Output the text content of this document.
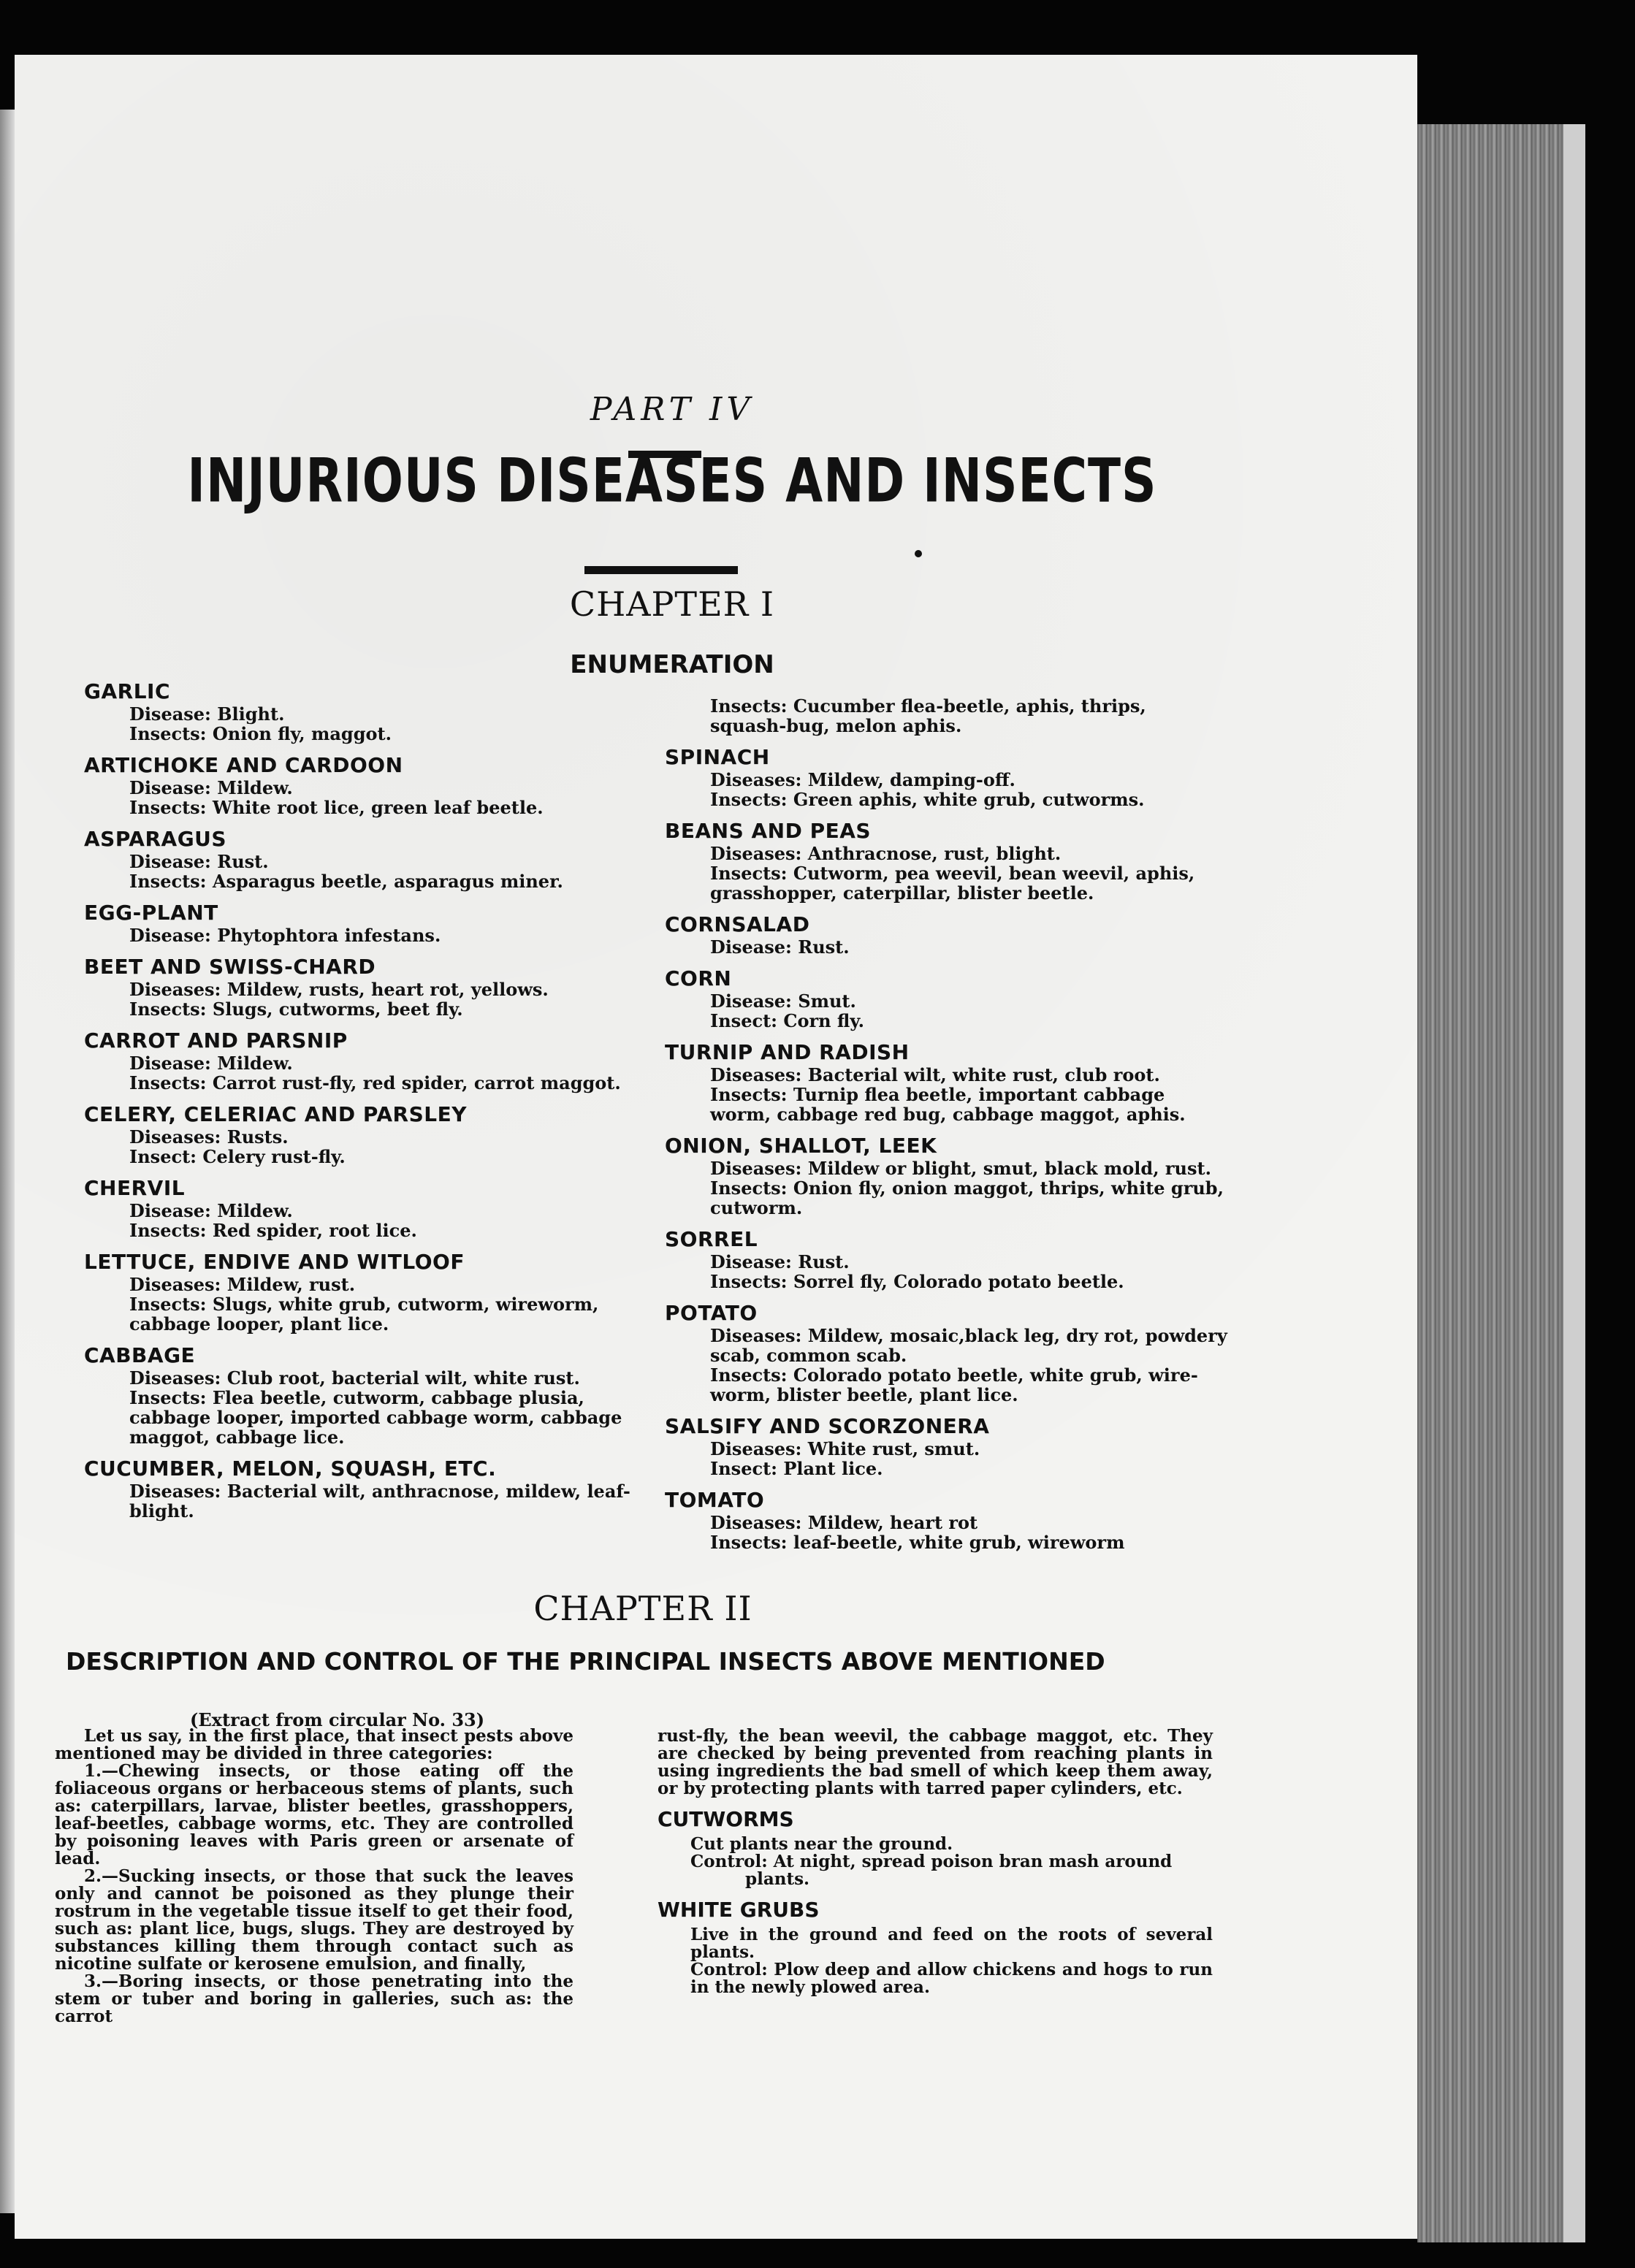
PART IV
INJURIOUS DISEASES AND INSECTS
CHAPTER I
ENUMERATION
GARLIC
Disease: Blight.
Insects: Onion fly, maggot.
ARTICHOKE AND CARDOON
Disease: Mildew.
Insects: White root lice, green leaf beetle.
ASPARAGUS
Disease: Rust.
Insects: Asparagus beetle, asparagus miner.
EGG-PLANT
Disease: Phytophtora infestans.
BEET AND SWISS-CHARD
Diseases: Mildew, rusts, heart rot, yellows.
Insects: Slugs, cutworms, beet fly.
CARROT AND PARSNIP
Disease: Mildew.
Insects: Carrot rust-fly, red spider, carrot maggot.
CELERY, CELERIAC AND PARSLEY
Diseases: Rusts.
Insect: Celery rust-fly.
CHERVIL
Disease: Mildew.
Insects: Red spider, root lice.
LETTUCE, ENDIVE AND WITLOOF
Diseases: Mildew, rust.
Insects: Slugs, white grub, cutworm, wireworm, cabbage looper, plant lice.
CABBAGE
Diseases: Club root, bacterial wilt, white rust.
Insects: Flea beetle, cutworm, cabbage plusia, cabbage looper, imported cabbage worm, cabbage maggot, cabbage lice.
CUCUMBER, MELON, SQUASH, ETC.
Diseases: Bacterial wilt, anthracnose, mildew, leaf-blight.
Insects: Cucumber flea-beetle, aphis, thrips, squash-bug, melon aphis.
SPINACH
Diseases: Mildew, damping-off.
Insects: Green aphis, white grub, cutworms.
BEANS AND PEAS
Diseases: Anthracnose, rust, blight.
Insects: Cutworm, pea weevil, bean weevil, aphis, grasshopper, caterpillar, blister beetle.
CORNSALAD
Disease: Rust.
CORN
Disease: Smut.
Insect: Corn fly.
TURNIP AND RADISH
Diseases: Bacterial wilt, white rust, club root.
Insects: Turnip flea beetle, important cabbage worm, cabbage red bug, cabbage maggot, aphis.
ONION, SHALLOT, LEEK
Diseases: Mildew or blight, smut, black mold, rust.
Insects: Onion fly, onion maggot, thrips, white grub, cutworm.
SORREL
Disease: Rust.
Insects: Sorrel fly, Colorado potato beetle.
POTATO
Diseases: Mildew, mosaic,black leg, dry rot, powdery scab, common scab.
Insects: Colorado potato beetle, white grub, wire-worm, blister beetle, plant lice.
SALSIFY AND SCORZONERA
Diseases: White rust, smut.
Insect: Plant lice.
TOMATO
Diseases: Mildew, heart rot
Insects: leaf-beetle, white grub, wireworm
CHAPTER II
DESCRIPTION AND CONTROL OF THE PRINCIPAL INSECTS ABOVE MENTIONED
(Extract from circular No. 33)

Let us say, in the first place, that insect pests above mentioned may be divided in three categories:

1.—Chewing insects, or those eating off the foliaceous organs or herbaceous stems of plants, such as: caterpillars, larvae, blister beetles, grasshoppers, leaf-beetles, cabbage worms, etc. They are controlled by poisoning leaves with Paris green or arsenate of lead.

2.—Sucking insects, or those that suck the leaves only and cannot be poisoned as they plunge their rostrum in the vegetable tissue itself to get their food, such as: plant lice, bugs, slugs. They are destroyed by substances killing them through contact such as nicotine sulfate or kerosene emulsion, and finally,

3.—Boring insects, or those penetrating into the stem or tuber and boring in galleries, such as: the carrot

rust-fly, the bean weevil, the cabbage maggot, etc. They are checked by being prevented from reaching plants in using ingredients the bad smell of which keep them away, or by protecting plants with tarred paper cylinders, etc.

CUTWORMS

Cut plants near the ground.

Control: At night, spread poison bran mash around

plants.

WHITE GRUBS

Live in the ground and feed on the roots of several plants.

Control: Plow deep and allow chickens and hogs to run in the newly plowed area.
